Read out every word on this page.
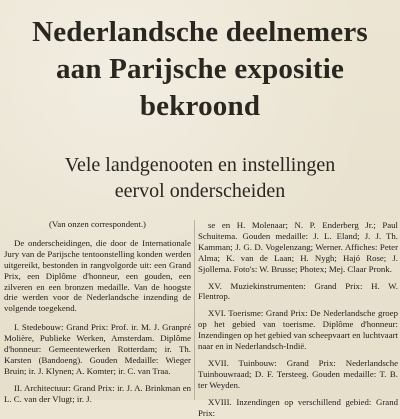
Nederlandsche deelnemers
aan Parijsche expositie
bekroond
Vele landgenooten en instellingen
eervol onderscheiden

(Van onzen correspondent.)

De onderscheidingen, die door de Internationale Jury van de Parijsche tentoonstelling konden werden uitgereikt, bestonden in rangvolgorde uit: een Grand Prix, een Diplôme d'honneur, een gouden, een zilveren en een bronzen medaille. Van de hoogste drie werden voor de Nederlandsche inzending de volgende toegekend.

I. Stedebouw: Grand Prix: Prof. ir. M. J. Granpré Molière, Publieke Werken, Amsterdam. Diplôme d'honneur: Gemeentewerken Rotterdam; ir. Th. Karsten (Bandoeng). Gouden Medaille: Wieger Bruin; ir. J. Klynen; A. Komter; ir. C. van Traa.

II. Architectuur: Grand Prix: ir. J. A. Brinkman en L. C. van der Vlugt; ir. J.

se en H. Molenaar; N. P. Enderberg Jr.; Paul Schuitema. Gouden medaille: J. L. Eland; J. J. Th. Kamman; J. G. D. Vogelenzang; Werner. Affiches: Peter Alma; K. van de Laan; H. Nygh; Hajó Rose; J. Sjollema. Foto's: W. Brusse; Photex; Mej. Claar Pronk.

XV. Muziekinstrumenten: Grand Prix: H. W. Flentrop.

XVI. Toerisme: Grand Prix: De Nederlandsche groep op het gebied van toerisme. Diplôme d'honneur: Inzendingen op het gebied van scheepvaart en luchtvaart naar en in Nederlandsch-Indië.

XVII. Tuinbouw: Grand Prix: Nederlandsche Tuinbouwraad; D. F. Tersteeg. Gouden medaille: T. B. ter Weyden.

XVIII. Inzendingen op verschillend gebied: Grand Prix:
